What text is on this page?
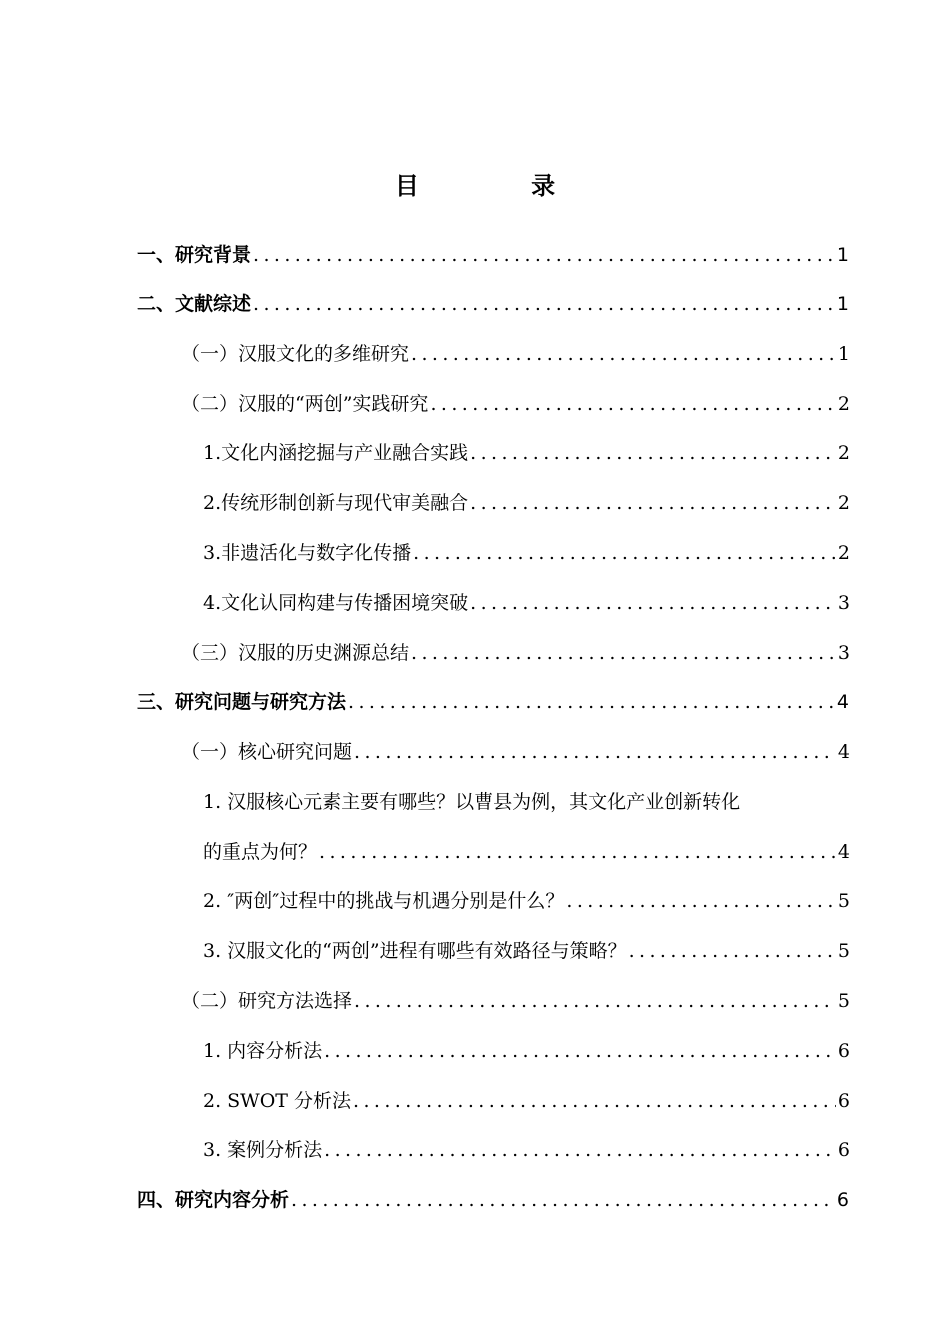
目 录
一、研究背景 .....	1
二、文献综述 .....	1
（一）汉服文化的多维研究 .....	1
（二）汉服的“两创”实践研究 .....	2
1.文化内涵挖掘与产业融合实践 .....	2
2.传统形制创新与现代审美融合 .....	2
3.非遗活化与数字化传播 .....	2
4.文化认同构建与传播困境突破 .....	3
（三）汉服的历史渊源总结 .....	3
三、研究问题与研究方法 .....	4
（一）核心研究问题 .....	4
1. 汉服核心元素主要有哪些？以曹县为例，其文化产业创新转化
的重点为何？ .....	4
2. ″两创″过程中的挑战与机遇分别是什么？ .....	5
3. 汉服文化的“两创”进程有哪些有效路径与策略？ .....	5
（二）研究方法选择 .....	5
1. 内容分析法 .....	6
2. SWOT 分析法 .....	6
3. 案例分析法 .....	6
四、研究内容分析 .....	6
